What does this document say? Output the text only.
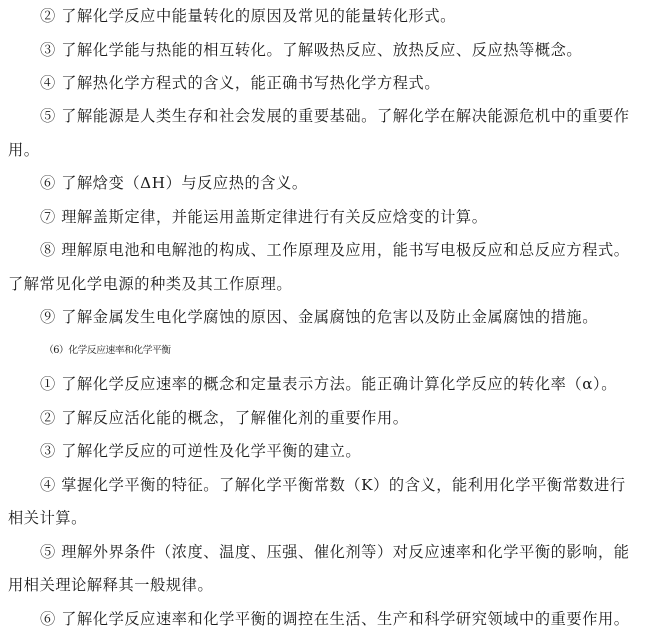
② 了解化学反应中能量转化的原因及常见的能量转化形式。
③ 了解化学能与热能的相互转化。了解吸热反应、放热反应、反应热等概念。
④ 了解热化学方程式的含义，能正确书写热化学方程式。
⑤ 了解能源是人类生存和社会发展的重要基础。了解化学在解决能源危机中的重要作
用。
⑥ 了解焓变（ΔH）与反应热的含义。
⑦ 理解盖斯定律，并能运用盖斯定律进行有关反应焓变的计算。
⑧ 理解原电池和电解池的构成、工作原理及应用，能书写电极反应和总反应方程式。
了解常见化学电源的种类及其工作原理。
⑨ 了解金属发生电化学腐蚀的原因、金属腐蚀的危害以及防止金属腐蚀的措施。
（6）化学反应速率和化学平衡
① 了解化学反应速率的概念和定量表示方法。能正确计算化学反应的转化率（α）。
② 了解反应活化能的概念，了解催化剂的重要作用。
③ 了解化学反应的可逆性及化学平衡的建立。
④ 掌握化学平衡的特征。了解化学平衡常数（K）的含义，能利用化学平衡常数进行
相关计算。
⑤ 理解外界条件（浓度、温度、压强、催化剂等）对反应速率和化学平衡的影响，能
用相关理论解释其一般规律。
⑥ 了解化学反应速率和化学平衡的调控在生活、生产和科学研究领域中的重要作用。
